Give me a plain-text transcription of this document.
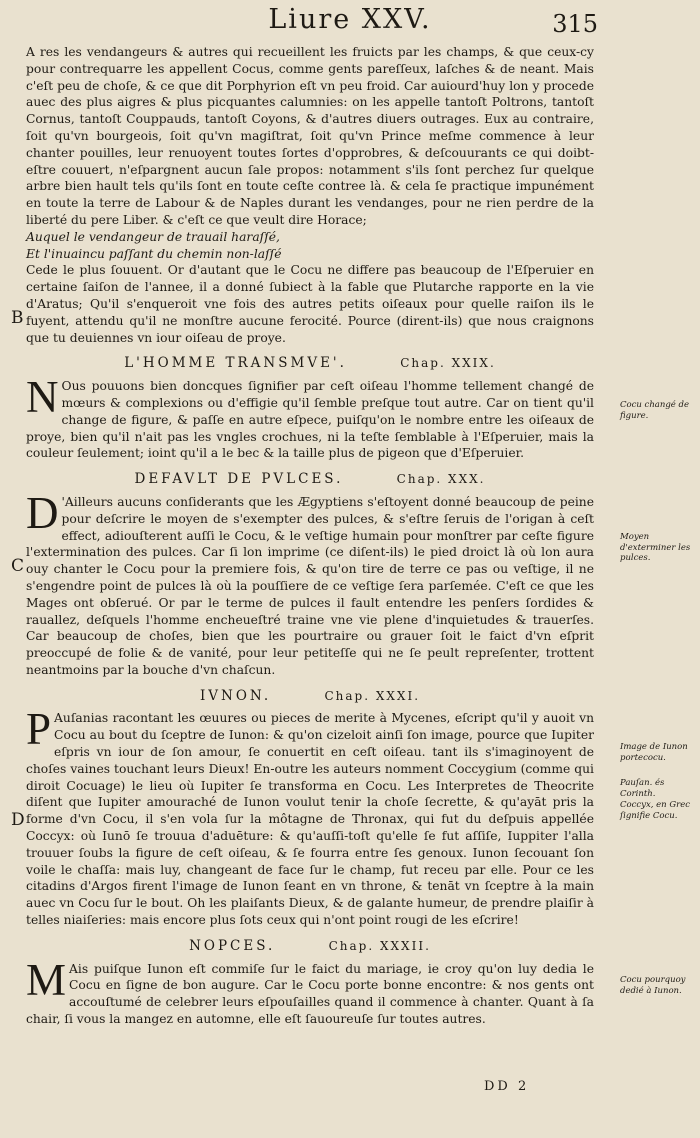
Liure XXV.	315

A res les vendangeurs & autres qui recueillent les fruicts par les champs, & que ceux-cy pour contrequarre les appellent Cocus, comme gents pareſſeux, laſches & de neant. Mais c'eſt peu de choſe, & ce que dit Porphyrion eſt vn peu froid. Car auiourd'huy lon y procede auec des plus aigres & plus picquantes calumnies: on les appelle tantoſt Poltrons, tantoſt Cornus, tantoſt Couppauds, tantoſt Coyons, & d'autres diuers outrages. Eux au contraire, ſoit qu'vn bourgeois, ſoit qu'vn magiſtrat, ſoit qu'vn Prince meſme commence à leur chanter pouilles, leur renuoyent toutes ſortes d'opprobres, & deſcouurants ce qui doibt-eſtre couuert, n'eſpargnent aucun ſale propos: notamment s'ils ſont perchez ſur quelque arbre bien hault tels qu'ils ſont en toute ceſte contree là. & cela ſe practique impunément en toute la terre de Labour & de Naples durant les vendanges, pour ne rien perdre de la liberté du pere Liber. & c'eſt ce que veult dire Horace;

Auquel le vendangeur de trauail haraſſé,

Et l'inuaincu paſſant du chemin non-laſſé

Cede le plus ſouuent. Or d'autant que le Cocu ne differe pas beaucoup de l'Eſperuier en certaine ſaiſon de l'annee, il a donné ſubiect à la fable que Plutarche rapporte en la vie d'Aratus; Qu'il s'enqueroit vne fois des autres petits oiſeaux pour quelle raiſon ils le fuyent, attendu qu'il ne monſtre aucune ferocité. Pource (dirent-ils) que nous craignons que tu deuiennes vn iour oiſeau de proye.

L'HOMME TRANSMVE'.	Chap. XXIX.

N Ous pouuons bien doncques ſignifier par ceſt oiſeau l'homme tellement changé de mœurs & complexions ou d'effigie qu'il ſemble preſque tout autre. Car on tient qu'il change de figure, & paſſe en autre eſpece, puiſqu'on le nombre entre les oiſeaux de proye, bien qu'il n'ait pas les vngles crochues, ni la teſte ſemblable à l'Eſperuier, mais la couleur ſeulement; ioint qu'il a le bec & la taille plus de pigeon que d'Eſperuier.

DEFAVLT DE PVLCES.	Chap. XXX.

D 'Ailleurs aucuns conſiderants que les Ægyptiens s'eſtoyent donné beaucoup de peine pour deſcrire le moyen de s'exempter des pulces, & s'eſtre ſeruis de l'origan à ceſt effect, adiouſterent auſſi le Cocu, & le veſtige humain pour monſtrer par ceſte figure l'extermination des pulces. Car ſi lon imprime (ce diſent-ils) le pied droict là où lon aura ouy chanter le Cocu pour la premiere fois, & qu'on tire de terre ce pas ou veſtige, il ne s'engendre point de pulces là où la pouſſiere de ce veſtige ſera parſemée. C'eſt ce que les Mages ont obſerué. Or par le terme de pulces il fault entendre les penſers ſordides & rauallez, deſquels l'homme encheueſtré traine vne vie plene d'inquietudes & trauerſes. Car beaucoup de choſes, bien que les pourtraire ou grauer ſoit le faict d'vn eſprit preoccupé de folie & de vanité, pour leur petiteſſe qui ne ſe peult repreſenter, trottent neantmoins par la bouche d'vn chaſcun.

IVNON.	Chap. XXXI.

P Auſanias racontant les œuures ou pieces de merite à Mycenes, eſcript qu'il y auoit vn Cocu au bout du ſceptre de Iunon: & qu'on cizeloit ainſi ſon image, pource que Iupiter eſpris vn iour de ſon amour, ſe conuertit en ceſt oiſeau. tant ils s'imaginoyent de choſes vaines touchant leurs Dieux! En-outre les auteurs nomment Coccygium (comme qui diroit Cocuage) le lieu où Iupiter ſe transforma en Cocu. Les Interpretes de Theocrite diſent que Iupiter amouraché de Iunon voulut tenir la choſe ſecrette, & qu'ayāt pris la forme d'vn Cocu, il s'en vola ſur la môtagne de Thronax, qui fut du deſpuis appellée Coccyx: où Iunō ſe trouua d'aduēture: & qu'auſſi-toſt qu'elle ſe fut aſſiſe, Iuppiter l'alla trouuer ſoubs la figure de ceſt oiſeau, & ſe fourra entre ſes genoux. Iunon ſecouant ſon voile le chaſſa: mais luy, changeant de face ſur le champ, fut receu par elle. Pour ce les citadins d'Argos firent l'image de Iunon ſeant en vn throne, & tenāt vn ſceptre à la main auec vn Cocu ſur le bout. Oh les plaiſants Dieux, & de galante humeur, de prendre plaiſir à telles niaiſeries: mais encore plus ſots ceux qui n'ont point rougi de les eſcrire!

NOPCES.	Chap. XXXII.

M Ais puiſque Iunon eſt commiſe ſur le faict du mariage, ie croy qu'on luy dedia le Cocu en ſigne de bon augure. Car le Cocu porte bonne encontre: & nos gents ont accouſtumé de celebrer leurs eſpouſailles quand il commence à chanter. Quant à ſa chair, ſi vous la mangez en automne, elle eſt ſauoureuſe ſur toutes autres.

Cocu changé de figure.
Moyen d'exterminer les pulces.
Image de Iunon portecocu.
Pauſan. és Corinth.
Coccyx, en Grec ſignifie Cocu.
Cocu pourquoy dedié à Iunon.
B
C
D
DD 2
